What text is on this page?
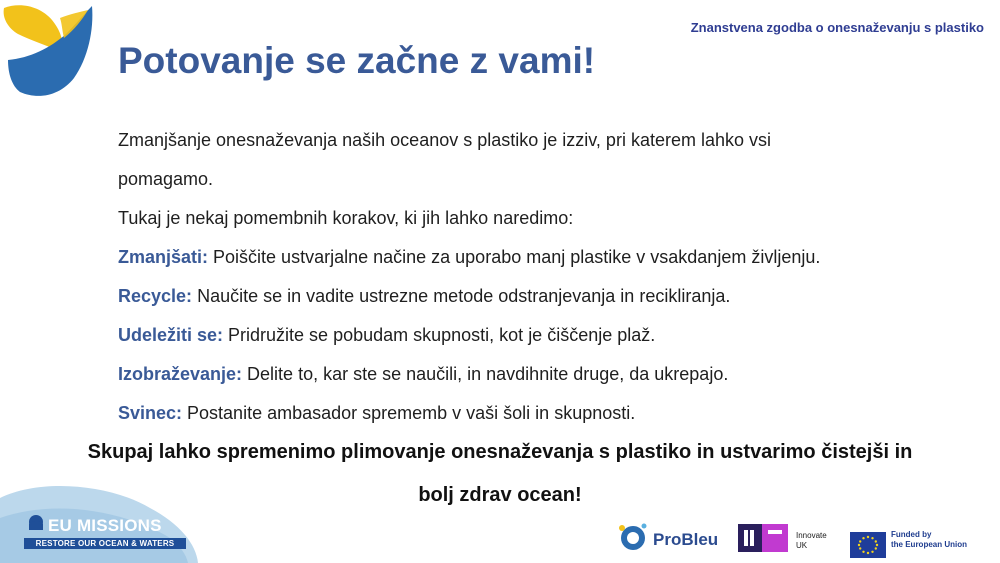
Znanstvena zgodba o onesnaževanju s plastiko
Potovanje se začne z vami!
Zmanjšanje onesnaževanja naših oceanov s plastiko je izziv, pri katerem lahko vsi
pomagamo.
Tukaj je nekaj pomembnih korakov, ki jih lahko naredimo:
Zmanjšati: Poiščite ustvarjalne načine za uporabo manj plastike v vsakdanjem življenju.
Recycle: Naučite se in vadite ustrezne metode odstranjevanja in recikliranja.
Udeležiti se: Pridružite se pobudam skupnosti, kot je čiščenje plaž.
Izobraževanje: Delite to, kar ste se naučili, in navdihnite druge, da ukrepajo.
Svinec: Postanite ambasador sprememb v vaši šoli in skupnosti.
Skupaj lahko spremenimo plimovanje onesnaževanja s plastiko in ustvarimo čistejši in
bolj zdrav ocean!
EU MISSIONS
RESTORE OUR OCEAN & WATERS	ProBleu	Innovate
UK
Funded by
the European Union
